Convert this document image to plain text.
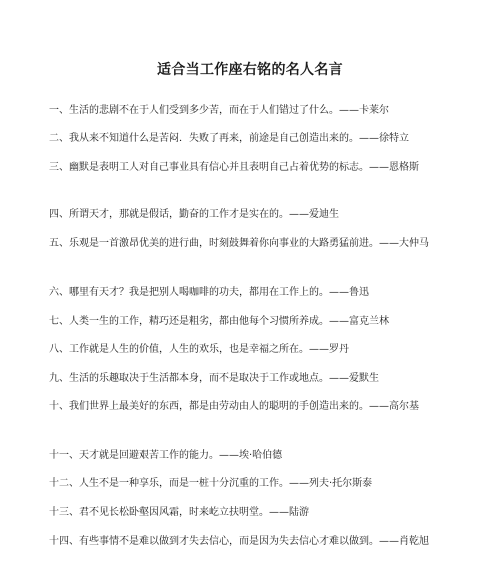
适合当工作座右铭的名人名言
一、生活的悲剧不在于人们受到多少苦，而在于人们错过了什么。——卡莱尔
二、我从来不知道什么是苦闷．失败了再来，前途是自己创造出来的。——徐特立
三、幽默是表明工人对自己事业具有信心并且表明自己占着优势的标志。——恩格斯
四、所谓天才，那就是假话，勤奋的工作才是实在的。——爱迪生
五、乐观是一首激昂优美的进行曲，时刻鼓舞着你向事业的大路勇猛前进。——大仲马
六、哪里有天才？我是把别人喝咖啡的功夫，都用在工作上的。——鲁迅
七、人类一生的工作，精巧还是粗劣，都由他每个习惯所养成。——富克兰林
八、工作就是人生的价值，人生的欢乐，也是幸福之所在。——罗丹
九、生活的乐趣取决于生活都本身，而不是取决于工作或地点。——爱默生
十、我们世界上最美好的东西，都是由劳动由人的聪明的手创造出来的。——高尔基
十一、天才就是回避艰苦工作的能力。——埃·哈伯德
十二、人生不是一种享乐，而是一桩十分沉重的工作。——列夫·托尔斯泰
十三、君不见长松卧壑因风霜，时来屹立扶明堂。——陆游
十四、有些事情不是难以做到才失去信心，而是因为失去信心才难以做到。——肖乾旭
